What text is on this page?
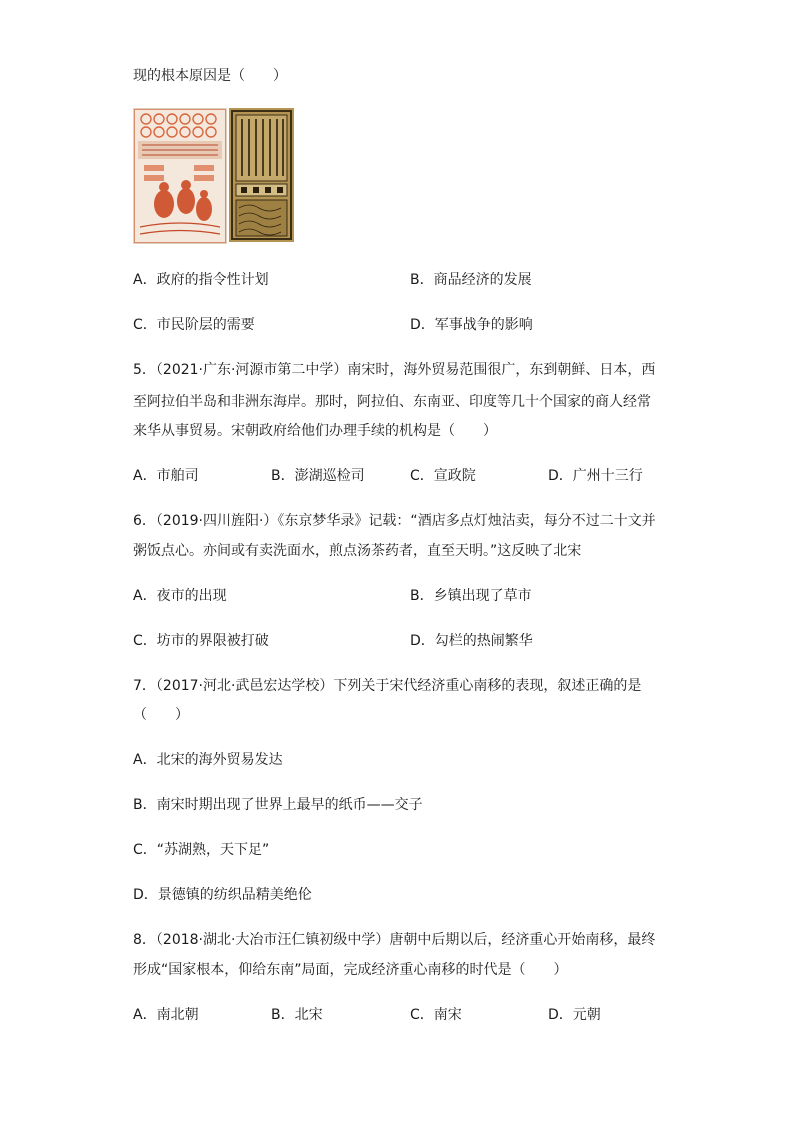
现的根本原因是（　　）
A．政府的指令性计划	B．商品经济的发展
C．市民阶层的需要	D．军事战争的影响
5．（2021·广东·河源市第二中学）南宋时，海外贸易范围很广，东到朝鲜、日本，西
至阿拉伯半岛和非洲东海岸。那时，阿拉伯、东南亚、印度等几十个国家的商人经常
来华从事贸易。宋朝政府给他们办理手续的机构是（　　）
A．市舶司	B．澎湖巡检司	C．宣政院	D．广州十三行
6．（2019·四川旌阳·）《东京梦华录》记载：“酒店多点灯烛沽卖，每分不过二十文并
粥饭点心。亦间或有卖洗面水，煎点汤茶药者，直至天明。”这反映了北宋
A．夜市的出现	B．乡镇出现了草市
C．坊市的界限被打破	D．勾栏的热闹繁华
7．（2017·河北·武邑宏达学校）下列关于宋代经济重心南移的表现，叙述正确的是
（　　）
A．北宋的海外贸易发达
B．南宋时期出现了世界上最早的纸币——交子
C．“苏湖熟，天下足”
D．景德镇的纺织品精美绝伦
8．（2018·湖北·大冶市汪仁镇初级中学）唐朝中后期以后，经济重心开始南移，最终
形成“国家根本，仰给东南”局面，完成经济重心南移的时代是（　　）
A．南北朝	B．北宋	C．南宋	D．元朝
